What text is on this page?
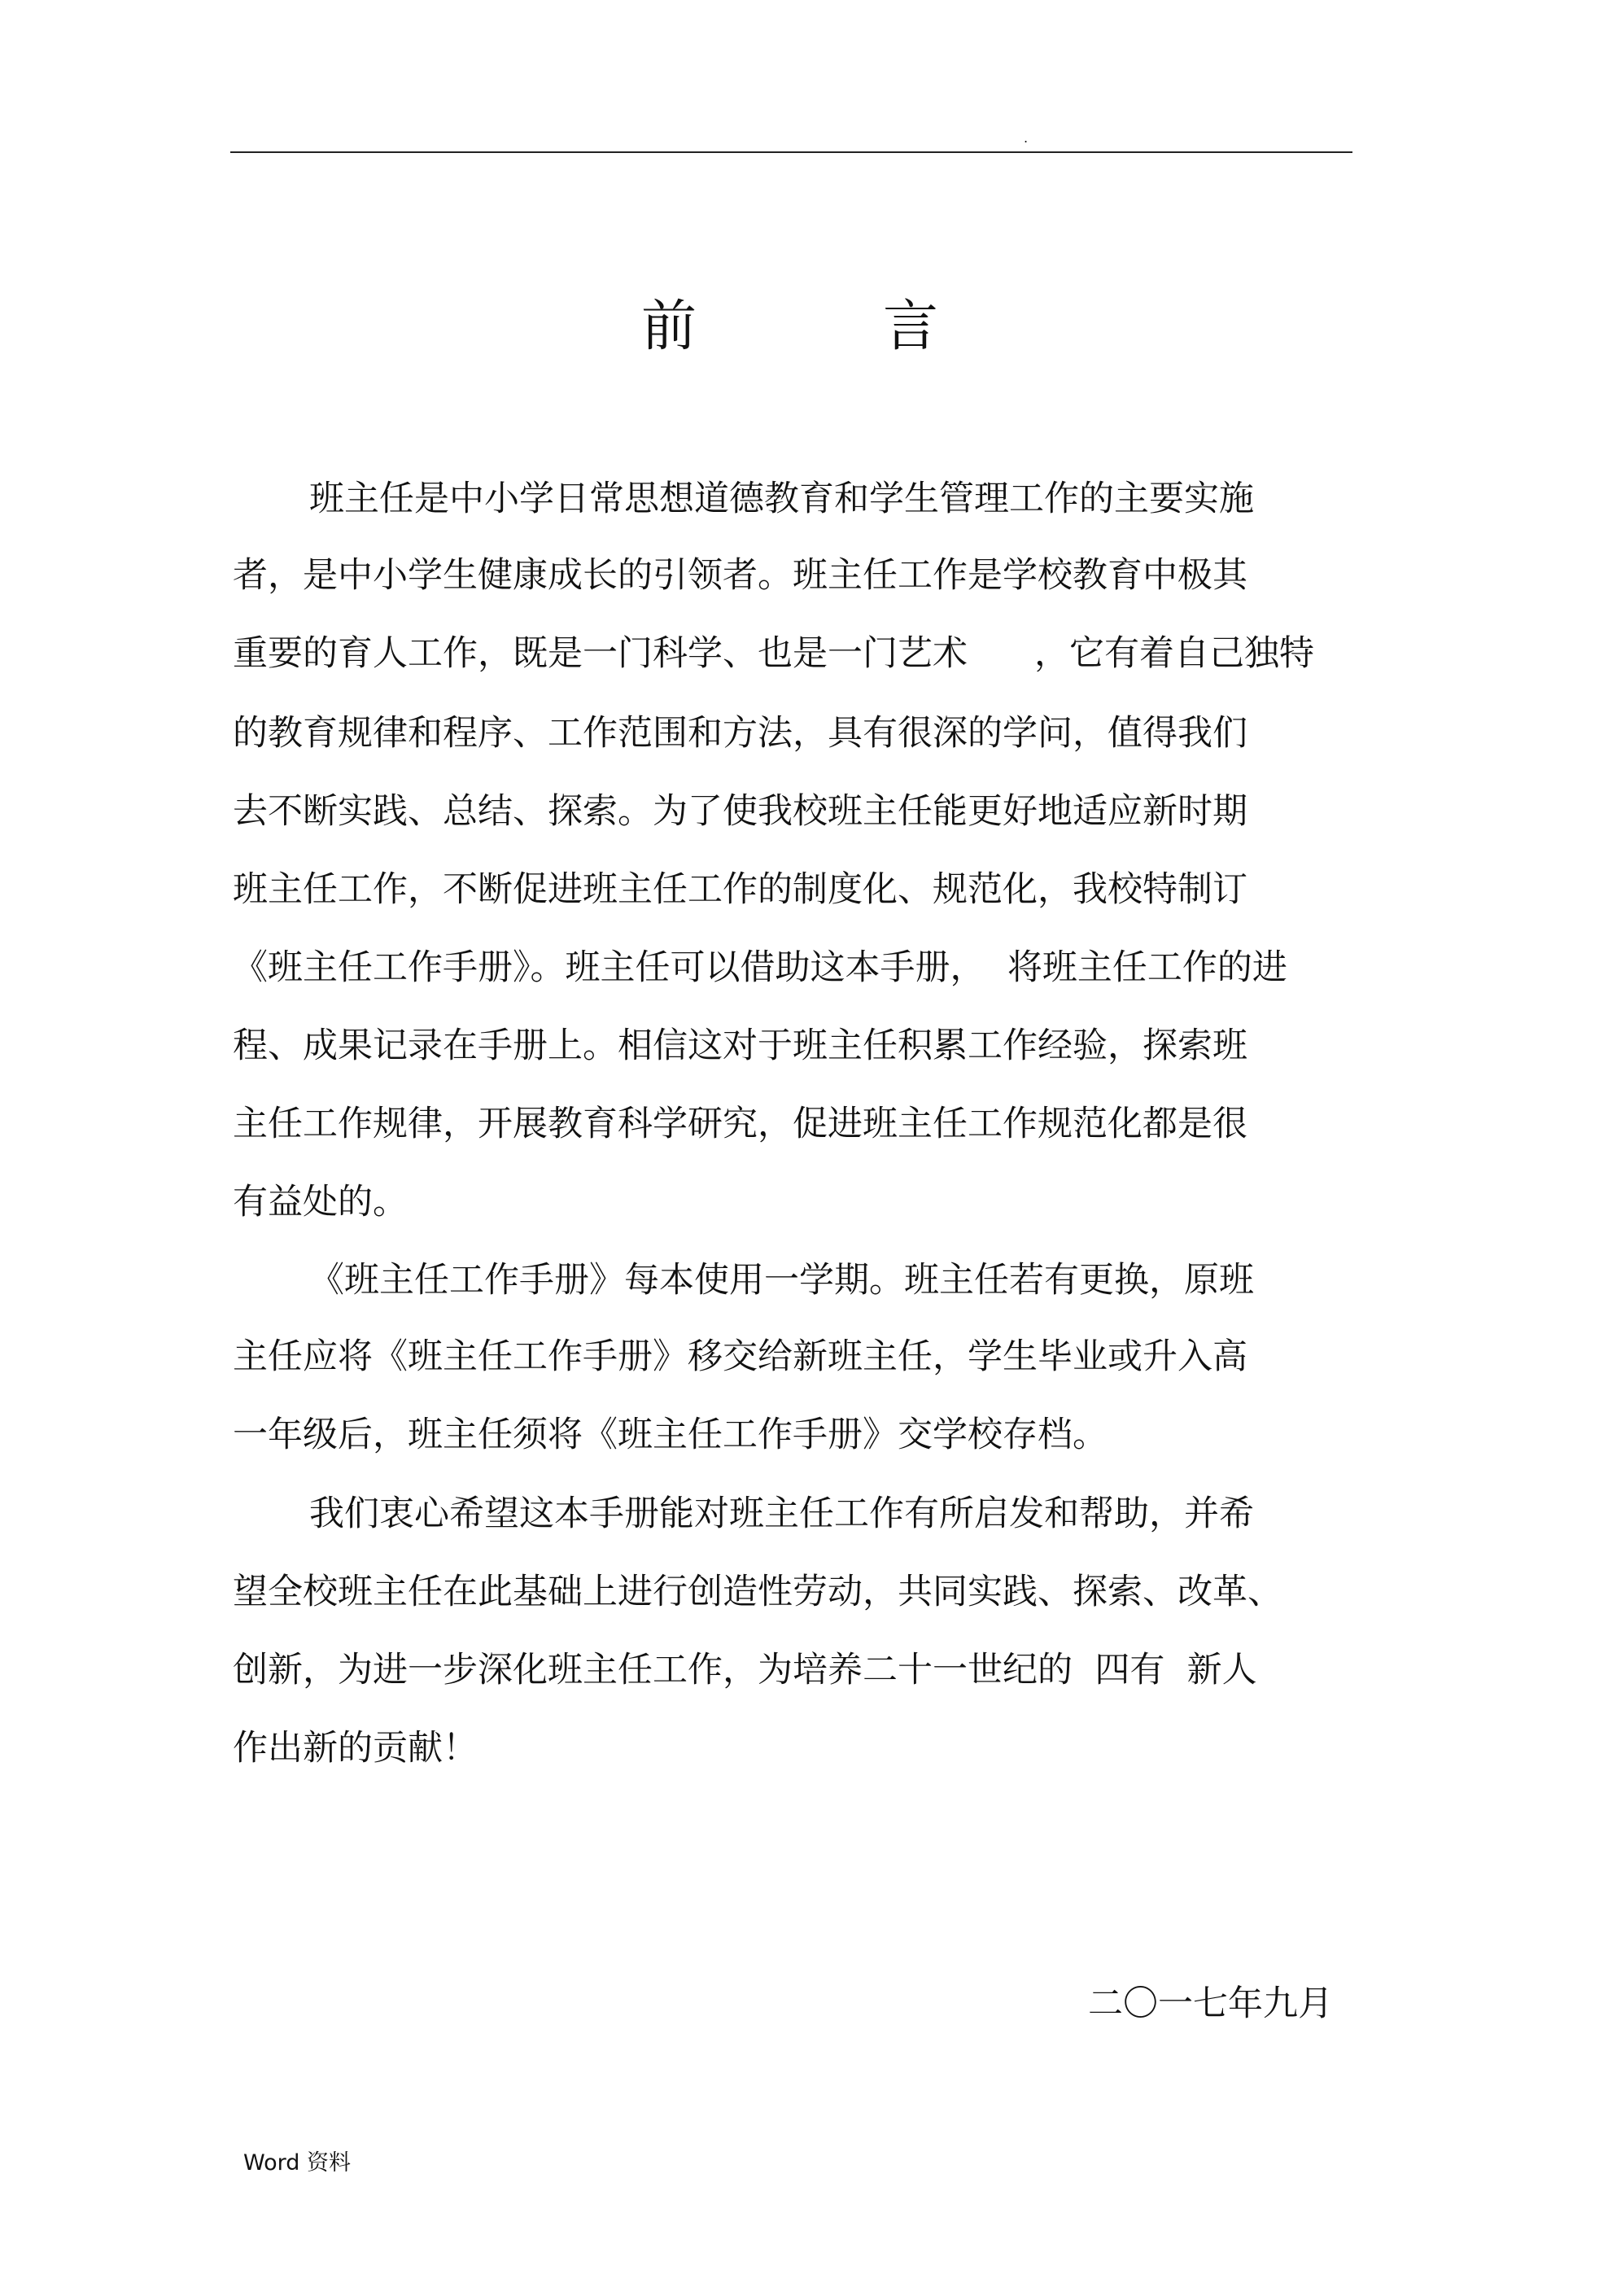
.
前	言
班主任是中小学日常思想道德教育和学生管理工作的主要实施
者，是中小学生健康成长的引领者。班主任工作是学校教育中极其
重要的育人工作，既是一门科学、也是一门艺术      ，它有着自己独特
的教育规律和程序、工作范围和方法，具有很深的学问，值得我们
去不断实践、总结、探索。为了使我校班主任能更好地适应新时期
班主任工作，不断促进班主任工作的制度化、规范化，我校特制订
《班主任工作手册》。班主任可以借助这本手册，  将班主任工作的进
程、成果记录在手册上。相信这对于班主任积累工作经验，探索班
主任工作规律，开展教育科学研究，促进班主任工作规范化都是很
有益处的。
《班主任工作手册》每本使用一学期。班主任若有更换，原班
主任应将《班主任工作手册》移交给新班主任，学生毕业或升入高
一年级后，班主任须将《班主任工作手册》交学校存档。
我们衷心希望这本手册能对班主任工作有所启发和帮助，并希
望全校班主任在此基础上进行创造性劳动，共同实践、探索、改革、
创新，为进一步深化班主任工作，为培养二十一世纪的  四有  新人
作出新的贡献！
二〇一七年九月
Word 资料
